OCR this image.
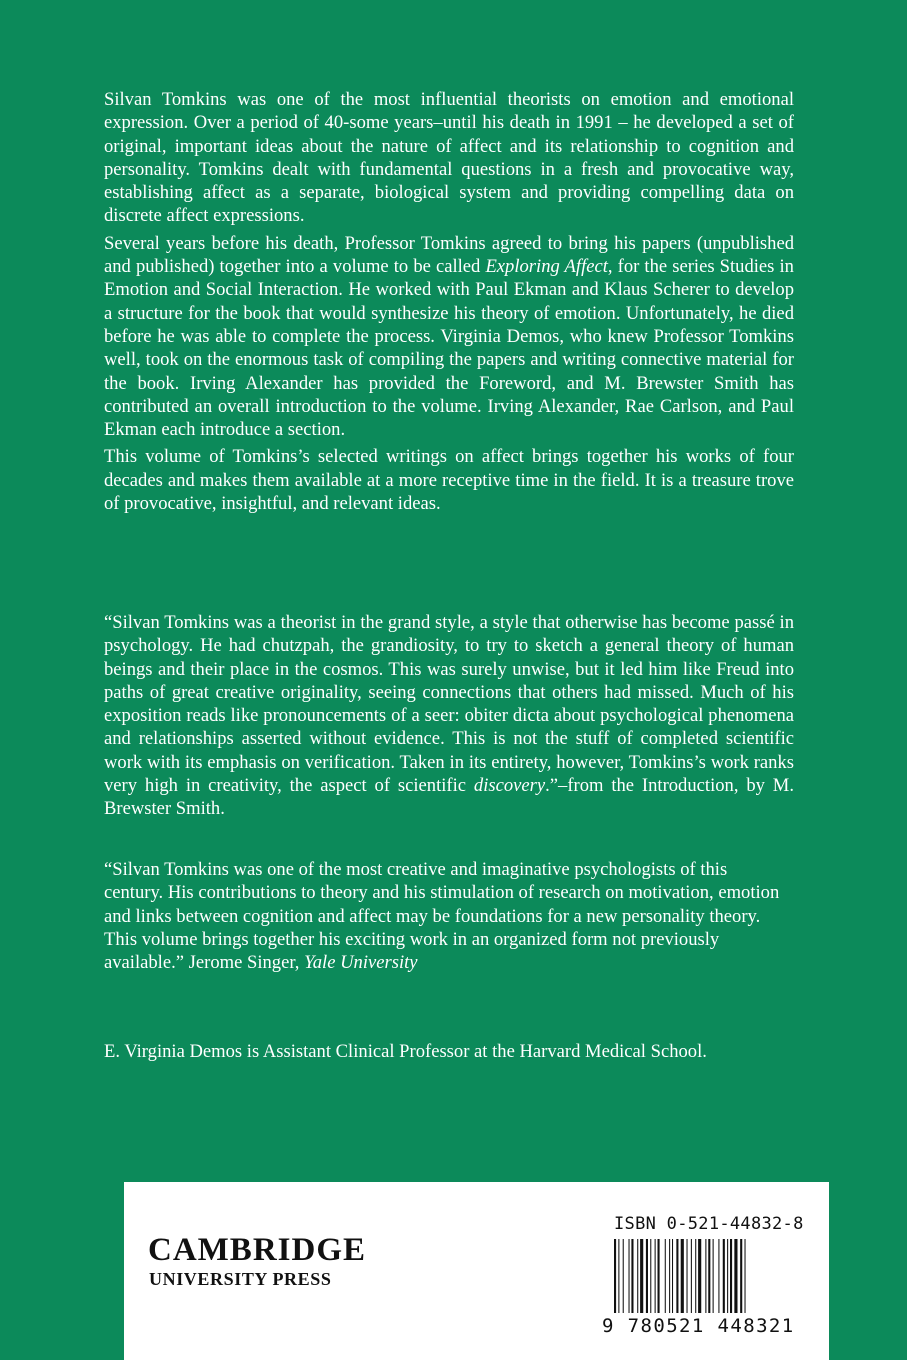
Silvan Tomkins was one of the most influential theorists on emotion and emotional expression. Over a period of 40-some years–until his death in 1991 – he developed a set of original, important ideas about the nature of affect and its relationship to cognition and personality. Tomkins dealt with fundamental questions in a fresh and provocative way, establishing affect as a separate, biological system and providing compelling data on discrete affect expressions.

Several years before his death, Professor Tomkins agreed to bring his papers (unpublished and published) together into a volume to be called Exploring Affect, for the series Studies in Emotion and Social Interaction. He worked with Paul Ekman and Klaus Scherer to develop a structure for the book that would synthesize his theory of emotion. Unfortunately, he died before he was able to complete the process. Virginia Demos, who knew Professor Tomkins well, took on the enormous task of compiling the papers and writing connective material for the book. Irving Alexander has provided the Foreword, and M. Brewster Smith has contributed an overall introduction to the volume. Irving Alexander, Rae Carlson, and Paul Ekman each introduce a section.

This volume of Tomkins’s selected writings on affect brings together his works of four decades and makes them available at a more receptive time in the field. It is a treasure trove of provocative, insightful, and relevant ideas.

“Silvan Tomkins was a theorist in the grand style, a style that otherwise has become passé in psychology. He had chutzpah, the grandiosity, to try to sketch a general theory of human beings and their place in the cosmos. This was surely unwise, but it led him like Freud into paths of great creative originality, seeing connections that others had missed. Much of his exposition reads like pronouncements of a seer: obiter dicta about psychological phenomena and relationships asserted without evidence. This is not the stuff of completed scientific work with its emphasis on verification. Taken in its entirety, however, Tomkins’s work ranks very high in creativity, the aspect of scientific discovery.”–from the Introduction, by M. Brewster Smith.

“Silvan Tomkins was one of the most creative and imaginative psychologists of this century. His contributions to theory and his stimulation of research on motivation, emotion and links between cognition and affect may be foundations for a new personality theory. This volume brings together his exciting work in an organized form not previously available.” Jerome Singer, Yale University

E. Virginia Demos is Assistant Clinical Professor at the Harvard Medical School.

CAMBRIDGE
UNIVERSITY PRESS
ISBN 0-521-44832-8
9 780521 448321
